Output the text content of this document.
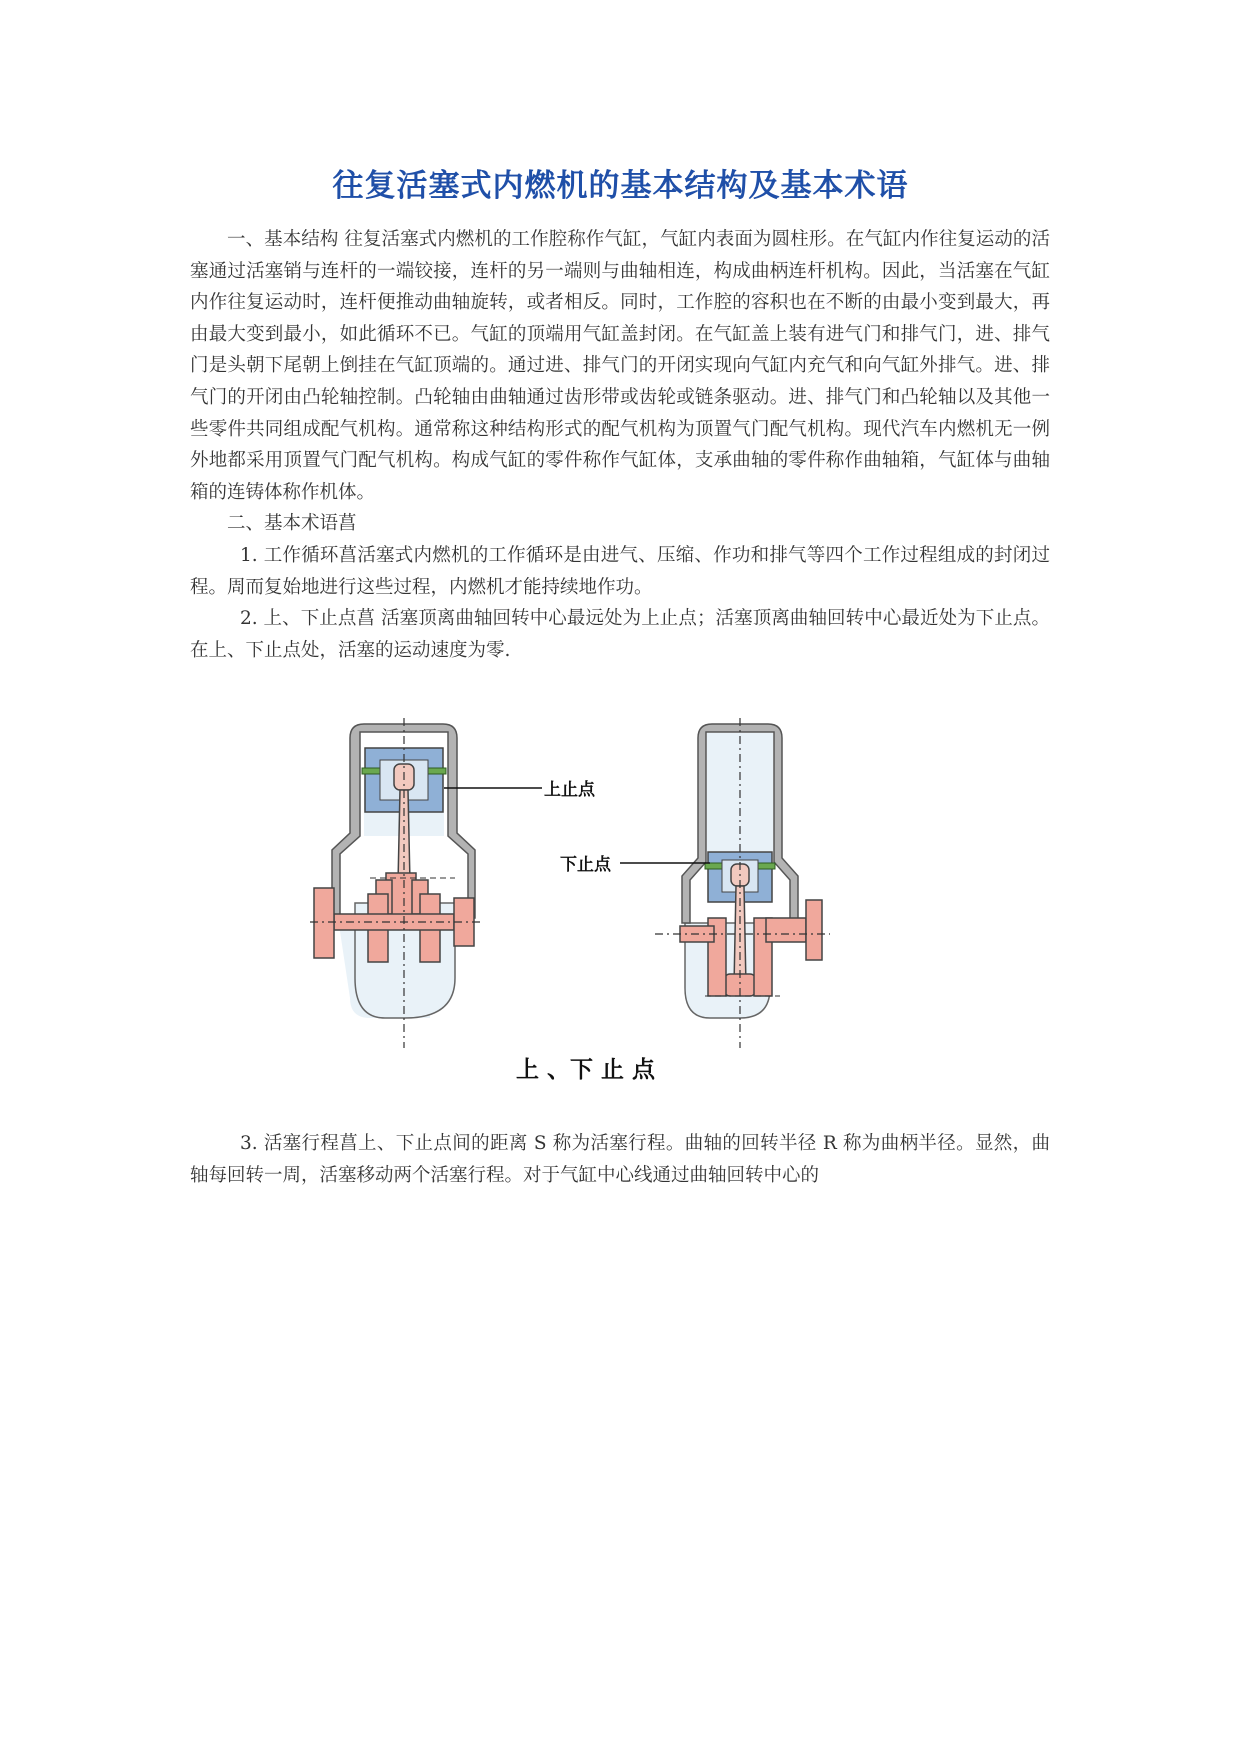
往复活塞式内燃机的基本结构及基本术语

一、基本结构 往复活塞式内燃机的工作腔称作气缸，气缸内表面为圆柱形。在气缸内作往复运动的活塞通过活塞销与连杆的一端铰接，连杆的另一端则与曲轴相连，构成曲柄连杆机构。因此，当活塞在气缸内作往复运动时，连杆便推动曲轴旋转，或者相反。同时，工作腔的容积也在不断的由最小变到最大，再由最大变到最小，如此循环不已。气缸的顶端用气缸盖封闭。在气缸盖上装有进气门和排气门，进、排气门是头朝下尾朝上倒挂在气缸顶端的。通过进、排气门的开闭实现向气缸内充气和向气缸外排气。进、排气门的开闭由凸轮轴控制。凸轮轴由曲轴通过齿形带或齿轮或链条驱动。进、排气门和凸轮轴以及其他一些零件共同组成配气机构。通常称这种结构形式的配气机构为顶置气门配气机构。现代汽车内燃机无一例外地都采用顶置气门配气机构。构成气缸的零件称作气缸体，支承曲轴的零件称作曲轴箱，气缸体与曲轴箱的连铸体称作机体。

二、基本术语菖

1. 工作循环菖活塞式内燃机的工作循环是由进气、压缩、作功和排气等四个工作过程组成的封闭过程。周而复始地进行这些过程，内燃机才能持续地作功。

2. 上、下止点菖 活塞顶离曲轴回转中心最远处为上止点；活塞顶离曲轴回转中心最近处为下止点。在上、下止点处，活塞的运动速度为零.

上止点
下止点
上 、下 止 点

3. 活塞行程菖上、下止点间的距离 S 称为活塞行程。曲轴的回转半径 R 称为曲柄半径。显然，曲轴每回转一周，活塞移动两个活塞行程。对于气缸中心线通过曲轴回转中心的
